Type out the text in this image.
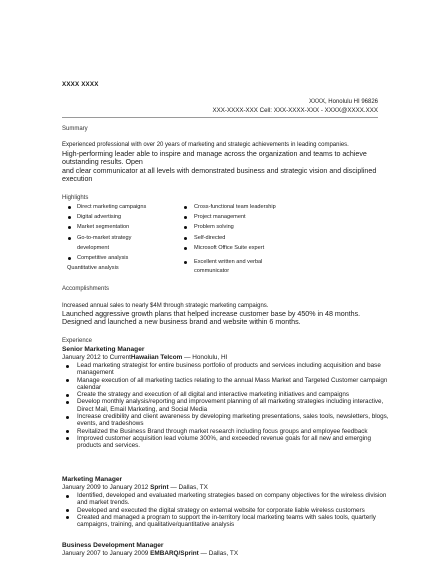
XXXX XXXX
XXXX, Honolulu HI 96826
XXX-XXXX-XXX Cell: XXX-XXXX-XXX - XXXX@XXXX.XXX
Summary
Experienced professional with over 20 years of marketing and strategic achievements in leading companies.
High-performing leader able to inspire and manage across the organization and teams to achieve
outstanding results. Open
and clear communicator at all levels with demonstrated business and strategic vision and disciplined
execution
Highlights
Direct marketing campaigns
Digital advertising
Market segmentation
Go-to-market strategy
development
Competitive analysis
Quantitative analysis
Cross-functional team leadership
Project management
Problem solving
Self-directed
Microsoft Office Suite expert
Excellent written and verbal
communicator
Accomplishments
Increased annual sales to nearly $4M through strategic marketing campaigns.
Launched aggressive growth plans that helped increase customer base by 450% in 48 months.
Designed and launched a new business brand and website within 6 months.
Experience
Senior Marketing Manager
January 2012 to CurrentHawaiian Telcom — Honolulu, HI
Lead marketing strategist for entire business portfolio of products and services including acquisition and base management
Manage execution of all marketing tactics relating to the annual Mass Market and Targeted Customer campaign calendar
Create the strategy and execution of all digital and interactive marketing initiatives and campaigns
Develop monthly analysis/reporting and improvement planning of all marketing strategies including interactive, Direct Mail, Email Marketing, and Social Media
Increase credibility and client awareness by developing marketing presentations, sales tools, newsletters, blogs, events, and tradeshows
Revitalized the Business Brand through market research including focus groups and employee feedback
Improved customer acquisition lead volume 300%, and exceeded revenue goals for all new and emerging products and services.
Marketing Manager
January 2009 to January 2012 Sprint — Dallas, TX
Identified, developed and evaluated marketing strategies based on company objectives for the wireless division and market trends.
Developed and executed the digital strategy on external website for corporate liable wireless customers
Created and managed a program to support the in-territory local marketing teams with sales tools, quarterly campaigns, training, and qualitative/quantitative analysis
Business Development Manager
January 2007 to January 2009 EMBARQ/Sprint — Dallas, TX
